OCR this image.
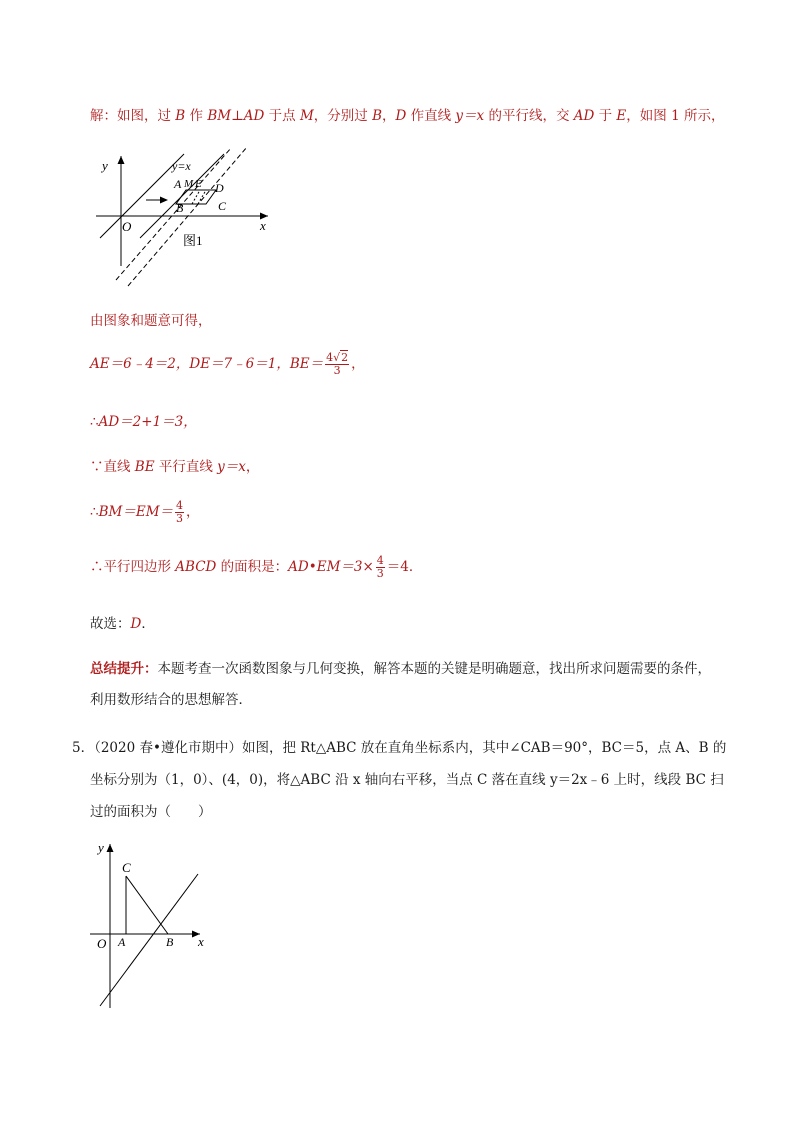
解：如图，过 B 作 BM⊥AD 于点 M，分别过 B，D 作直线 y＝x 的平行线，交 AD 于 E，如图 1 所示，
y
x
O
y=x
A M E D
B	C
图1
由图象和题意可得，
AE＝6﹣4＝2，DE＝7﹣6＝1，$BE= \frac{4√2}{3}$ ，
∴AD＝2+1＝3，
∵直线 BE 平行直线 y＝x，
∴BM＝EM＝ $\frac{4}{3}$ ，
∴平行四边形 ABCD 的面积是：AD•EM＝3× $\frac{4}{3} =4$．
故选：D．
总结提升：本题考查一次函数图象与几何变换，解答本题的关键是明确题意，找出所求问题需要的条件，
利用数形结合的思想解答．
5．（2020 春•遵化市期中）如图，把 Rt△ABC 放在直角坐标系内，其中∠CAB＝90°，BC＝5，点 A、B 的
坐标分别为（1，0）、(4，0)，将△ABC 沿 x 轴向右平移，当点 C 落在直线 y＝2x﹣6 上时，线段 BC 扫
过的面积为（　　）
y
x
O A	B
C
